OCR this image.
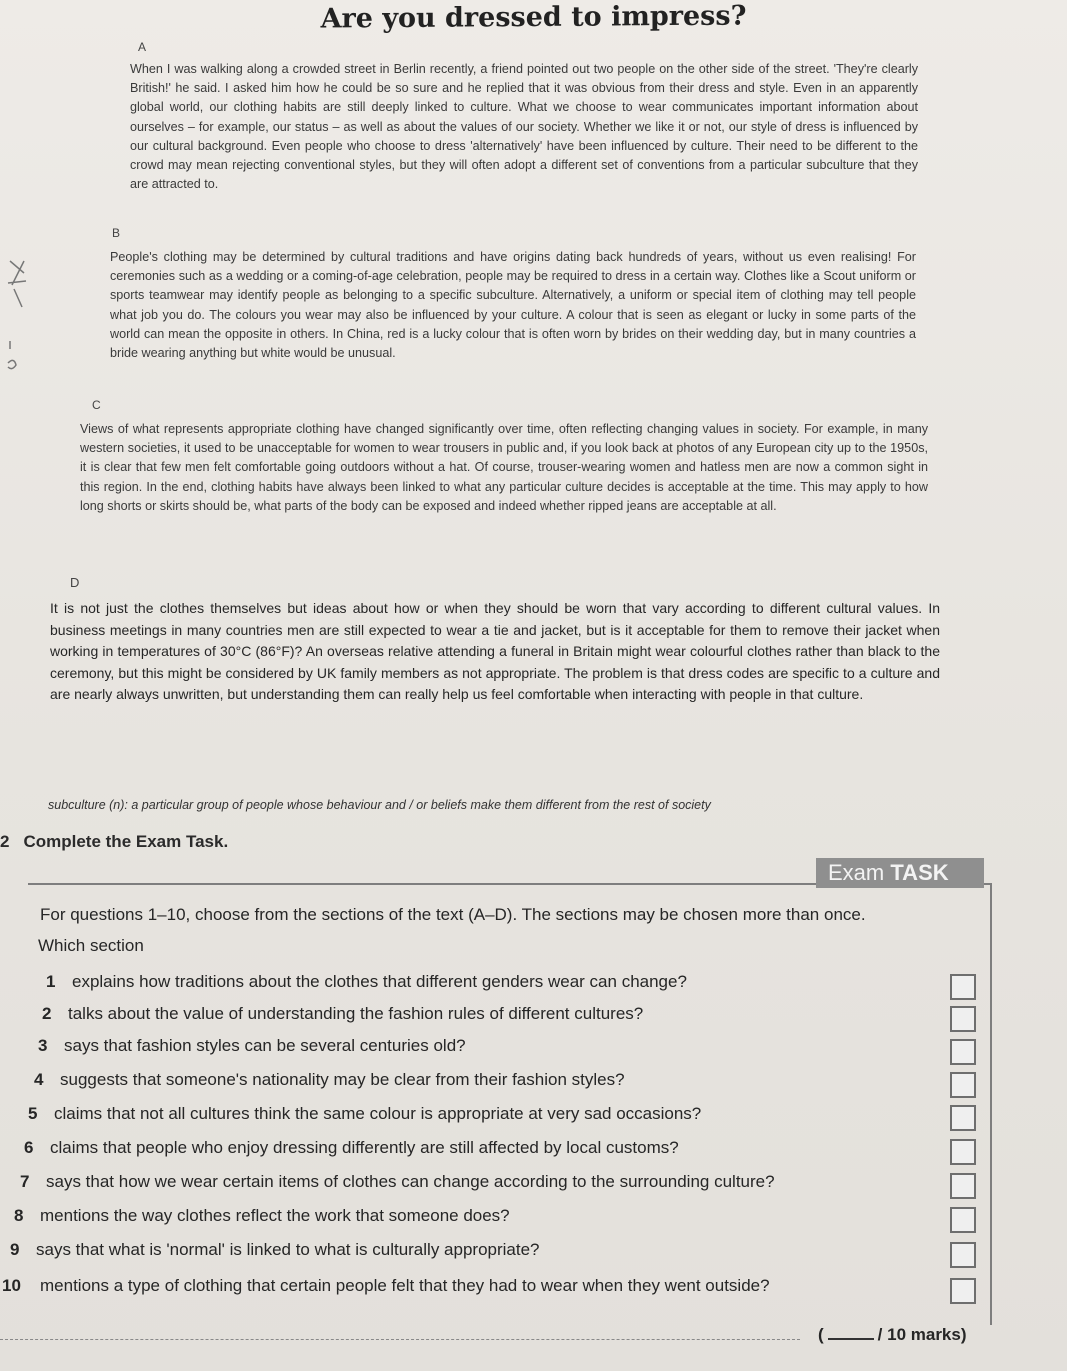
Are you dressed to impress?
A

When I was walking along a crowded street in Berlin recently, a friend pointed out two people on the other side of the street. 'They're clearly British!' he said. I asked him how he could be so sure and he replied that it was obvious from their dress and style. Even in an apparently global world, our clothing habits are still deeply linked to culture. What we choose to wear communicates important information about ourselves – for example, our status – as well as about the values of our society. Whether we like it or not, our style of dress is influenced by our cultural background. Even people who choose to dress 'alternatively' have been influenced by culture. Their need to be different to the crowd may mean rejecting conventional styles, but they will often adopt a different set of conventions from a particular subculture that they are attracted to.

B

People's clothing may be determined by cultural traditions and have origins dating back hundreds of years, without us even realising! For ceremonies such as a wedding or a coming-of-age celebration, people may be required to dress in a certain way. Clothes like a Scout uniform or sports teamwear may identify people as belonging to a specific subculture. Alternatively, a uniform or special item of clothing may tell people what job you do. The colours you wear may also be influenced by your culture. A colour that is seen as elegant or lucky in some parts of the world can mean the opposite in others. In China, red is a lucky colour that is often worn by brides on their wedding day, but in many countries a bride wearing anything but white would be unusual.

C

Views of what represents appropriate clothing have changed significantly over time, often reflecting changing values in society. For example, in many western societies, it used to be unacceptable for women to wear trousers in public and, if you look back at photos of any European city up to the 1950s, it is clear that few men felt comfortable going outdoors without a hat. Of course, trouser-wearing women and hatless men are now a common sight in this region. In the end, clothing habits have always been linked to what any particular culture decides is acceptable at the time. This may apply to how long shorts or skirts should be, what parts of the body can be exposed and indeed whether ripped jeans are acceptable at all.

D

It is not just the clothes themselves but ideas about how or when they should be worn that vary according to different cultural values. In business meetings in many countries men are still expected to wear a tie and jacket, but is it acceptable for them to remove their jacket when working in temperatures of 30°C (86°F)? An overseas relative attending a funeral in Britain might wear colourful clothes rather than black to the ceremony, but this might be considered by UK family members as not appropriate. The problem is that dress codes are specific to a culture and are nearly always unwritten, but understanding them can really help us feel comfortable when interacting with people in that culture.

subculture (n): a particular group of people whose behaviour and / or beliefs make them different from the rest of society
2 Complete the Exam Task.
Exam TASK
For questions 1–10, choose from the sections of the text (A–D). The sections may be chosen more than once.
Which section
1 explains how traditions about the clothes that different genders wear can change?
2 talks about the value of understanding the fashion rules of different cultures?
3 says that fashion styles can be several centuries old?
4 suggests that someone's nationality may be clear from their fashion styles?
5 claims that not all cultures think the same colour is appropriate at very sad occasions?
6 claims that people who enjoy dressing differently are still affected by local customs?
7 says that how we wear certain items of clothes can change according to the surrounding culture?
8 mentions the way clothes reflect the work that someone does?
9 says that what is 'normal' is linked to what is culturally appropriate?
10 mentions a type of clothing that certain people felt that they had to wear when they went outside?
(	/ 10 marks)
